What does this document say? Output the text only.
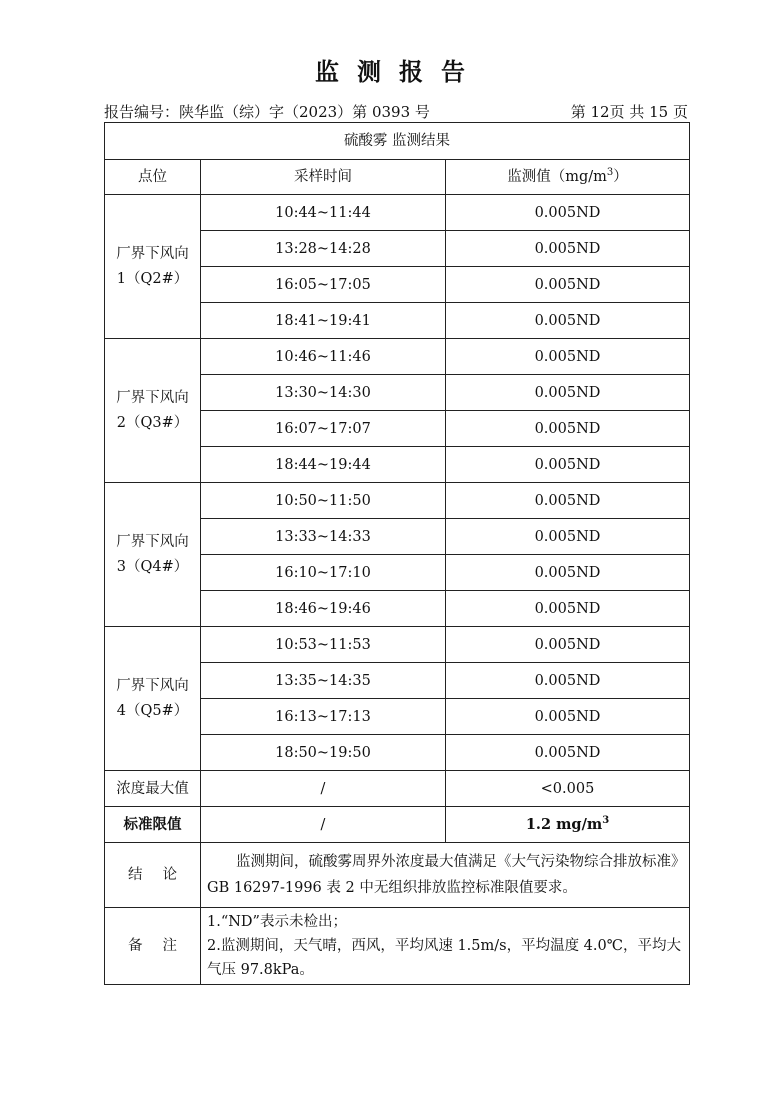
监测报告
报告编号：陕华监（综）字（2023）第 0393 号	第 12页 共 15 页
硫酸雾 监测结果		
点位	采样时间	监测值$(mg/m^3)$

厂界下风向
1（Q2#）	10:44~11:44	0.005ND
	13:28~14:28	0.005ND
	16:05~17:05	0.005ND
	18:41~19:41	0.005ND

厂界下风向
2（Q3#）	10:46~11:46	0.005ND
	13:30~14:30	0.005ND
	16:07~17:07	0.005ND
	18:44~19:44	0.005ND

厂界下风向
3（Q4#）	10:50~11:50	0.005ND
	13:33~14:33	0.005ND
	16:10~17:10	0.005ND
	18:46~19:46	0.005ND

厂界下风向
4（Q5#）	10:53~11:53	0.005ND
	13:35~14:35	0.005ND
	16:13~17:13	0.005ND
	18:50~19:50	0.005ND
浓度最大值	/	<0.005
标准限值	/	1.2 $mg/m^3$
结论	监测期间，硫酸雾周界外浓度最大值满足《大气污染物综合排放标准》GB 16297-1996 表 2 中无组织排放监控标准限值要求。	
备注	1.“ND”表示未检出；
2.监测期间，天气晴，西风，平均风速 1.5m/s，平均温度 4.0℃，平均大气压 97.8kPa。	
